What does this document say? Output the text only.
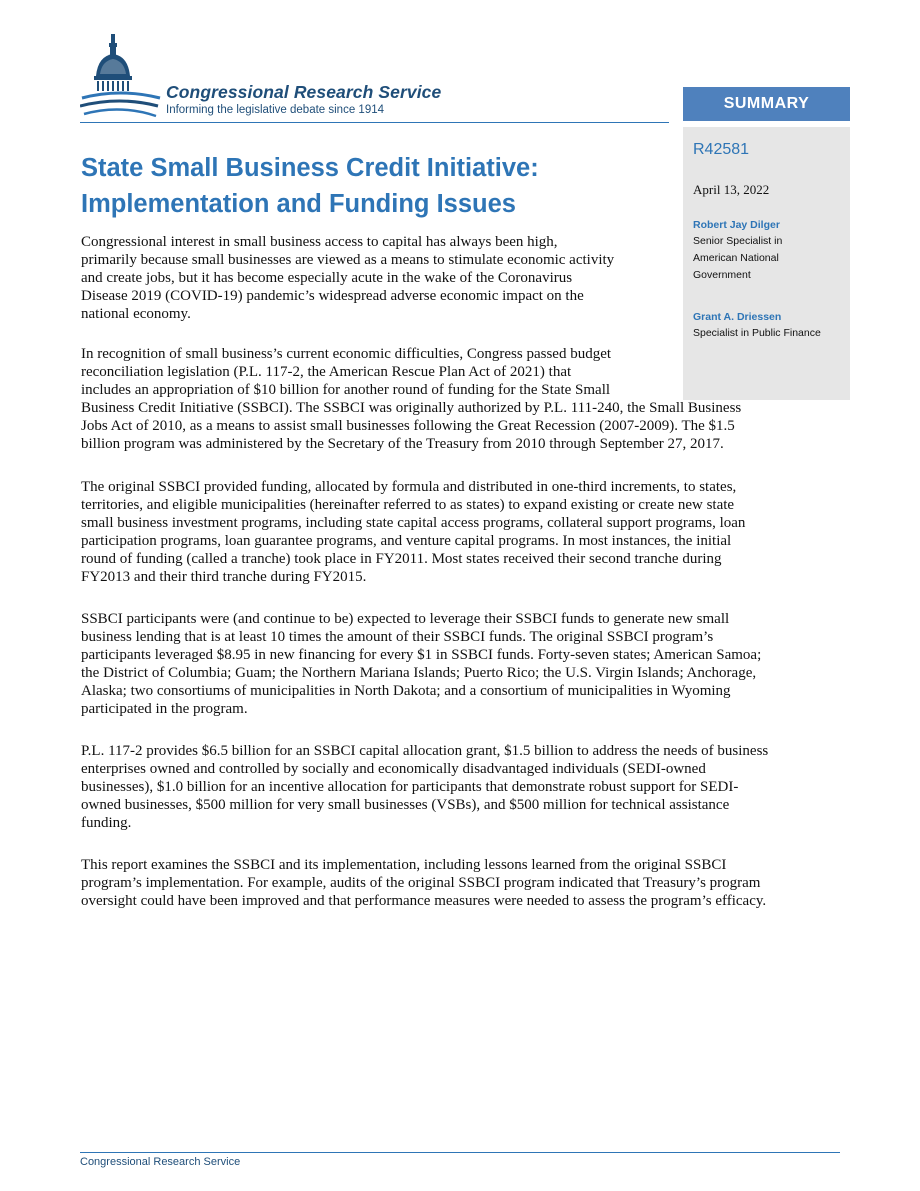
Congressional Research Service
Informing the legislative debate since 1914	SUMMARY
R42581
April 13, 2022
Robert Jay Dilger
Senior Specialist in
American National
Government
Grant A. Driessen
Specialist in Public Finance
State Small Business Credit Initiative:
Implementation and Funding Issues
Congressional interest in small business access to capital has always been high,
primarily because small businesses are viewed as a means to stimulate economic activity
and create jobs, but it has become especially acute in the wake of the Coronavirus
Disease 2019 (COVID-19) pandemic’s widespread adverse economic impact on the
national economy.
In recognition of small business’s current economic difficulties, Congress passed budget
reconciliation legislation (P.L. 117-2, the American Rescue Plan Act of 2021) that
includes an appropriation of $10 billion for another round of funding for the State Small
Business Credit Initiative (SSBCI). The SSBCI was originally authorized by P.L. 111-240, the Small Business
Jobs Act of 2010, as a means to assist small businesses following the Great Recession (2007-2009). The $1.5
billion program was administered by the Secretary of the Treasury from 2010 through September 27, 2017.
The original SSBCI provided funding, allocated by formula and distributed in one-third increments, to states,
territories, and eligible municipalities (hereinafter referred to as states) to expand existing or create new state
small business investment programs, including state capital access programs, collateral support programs, loan
participation programs, loan guarantee programs, and venture capital programs. In most instances, the initial
round of funding (called a tranche) took place in FY2011. Most states received their second tranche during
FY2013 and their third tranche during FY2015.
SSBCI participants were (and continue to be) expected to leverage their SSBCI funds to generate new small
business lending that is at least 10 times the amount of their SSBCI funds. The original SSBCI program’s
participants leveraged $8.95 in new financing for every $1 in SSBCI funds. Forty-seven states; American Samoa;
the District of Columbia; Guam; the Northern Mariana Islands; Puerto Rico; the U.S. Virgin Islands; Anchorage,
Alaska; two consortiums of municipalities in North Dakota; and a consortium of municipalities in Wyoming
participated in the program.
P.L. 117-2 provides $6.5 billion for an SSBCI capital allocation grant, $1.5 billion to address the needs of business
enterprises owned and controlled by socially and economically disadvantaged individuals (SEDI-owned
businesses), $1.0 billion for an incentive allocation for participants that demonstrate robust support for SEDI-
owned businesses, $500 million for very small businesses (VSBs), and $500 million for technical assistance
funding.
This report examines the SSBCI and its implementation, including lessons learned from the original SSBCI
program’s implementation. For example, audits of the original SSBCI program indicated that Treasury’s program
oversight could have been improved and that performance measures were needed to assess the program’s efficacy.
Congressional Research Service
